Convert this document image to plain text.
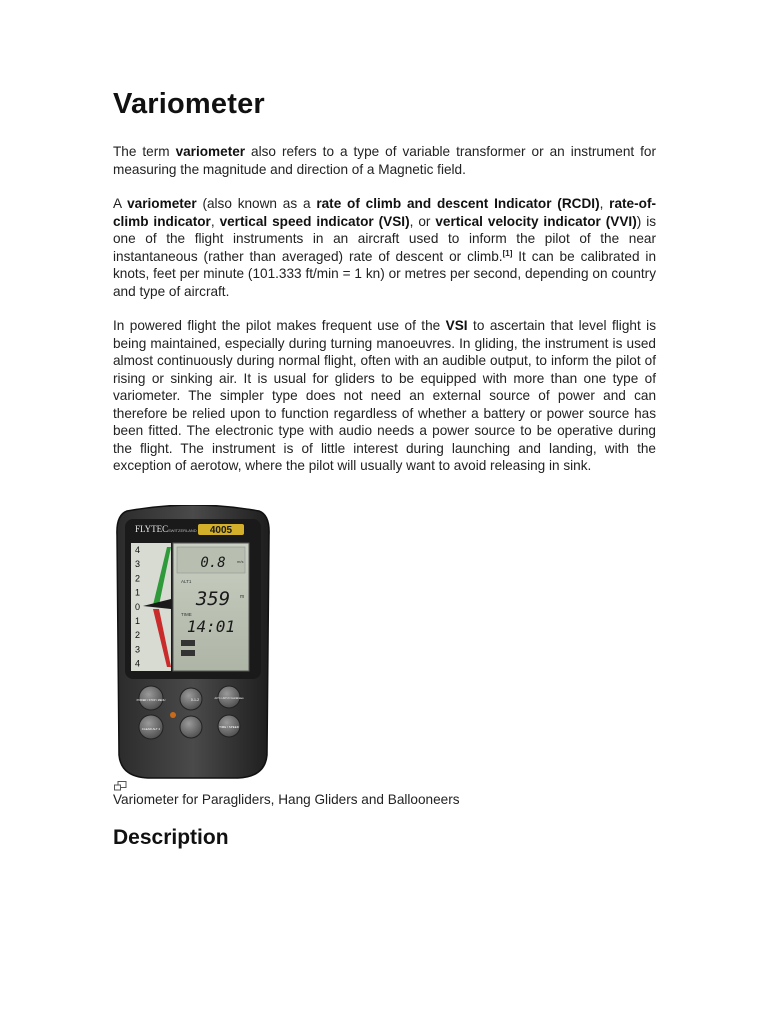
Variometer

The term variometer also refers to a type of variable transformer or an instrument for measuring the magnitude and direction of a Magnetic field.

A variometer (also known as a rate of climb and descent Indicator (RCDI), rate-of-climb indicator, vertical speed indicator (VSI), or vertical velocity indicator (VVI)) is one of the flight instruments in an aircraft used to inform the pilot of the near instantaneous (rather than averaged) rate of descent or climb.[1] It can be calibrated in knots, feet per minute (101.333 ft/min = 1 kn) or metres per second, depending on country and type of aircraft.

In powered flight the pilot makes frequent use of the VSI to ascertain that level flight is being maintained, especially during turning manoeuvres. In gliding, the instrument is used almost continuously during normal flight, often with an audible output, to inform the pilot of rising or sinking air. It is usual for gliders to be equipped with more than one type of variometer. The simpler type does not need an external source of power and can therefore be relied upon to function regardless of whether a battery or power source has been fitted. The electronic type with audio needs a power source to be operative during the flight. The instrument is of little interest during launching and landing, with the exception of aerotow, where the pilot will usually want to avoid releasing in sink.

FLYTEC SWITZERLAND 4005
4
3
2
1
0
1
2
3
4
0.8	m/s
ALT1
359 m
TIME
14:01
POWER / STOP / MENU
CLEAR ALT 2
0-1-2	ALT 1 / ALT 2 / Coordinates
TIME / SPEED
Variometer for Paragliders, Hang Gliders and Ballooneers
Description
